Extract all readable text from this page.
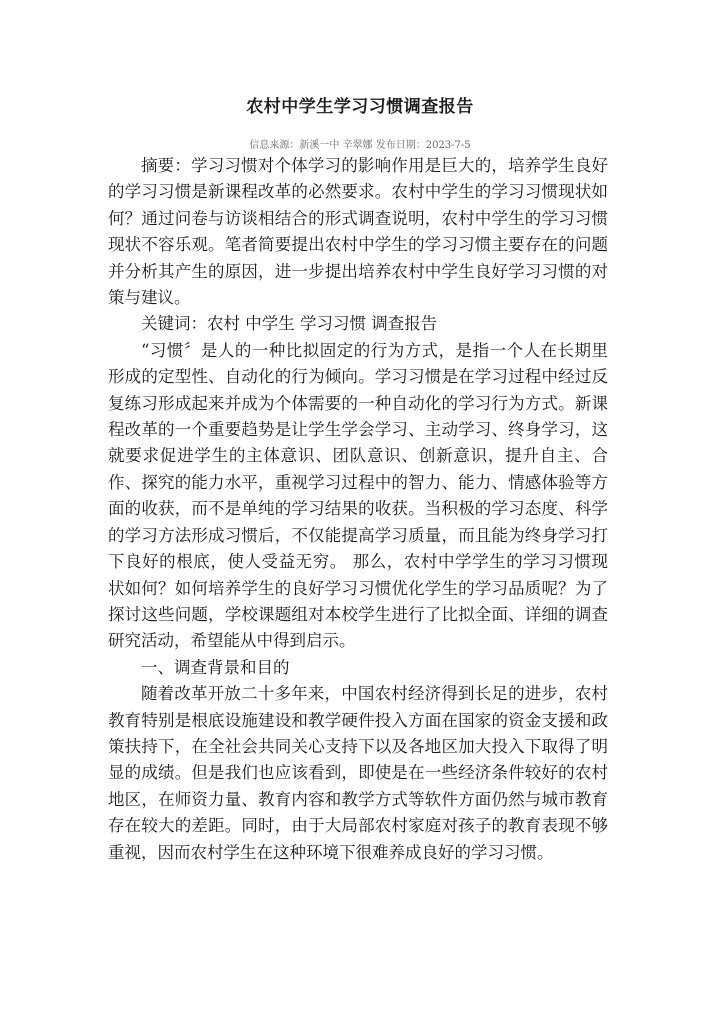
农村中学生学习习惯调查报告
信息来源：新溪一中 辛翠娜 发布日期：2023-7-5

摘要：学习习惯对个体学习的影响作用是巨大的，培养学生良好的学习习惯是新课程改革的必然要求。农村中学生的学习习惯现状如何？通过问卷与访谈相结合的形式调查说明，农村中学生的学习习惯现状不容乐观。笔者简要提出农村中学生的学习习惯主要存在的问题并分析其产生的原因，进一步提出培养农村中学生良好学习习惯的对策与建议。

关键词：农村 中学生 学习习惯 调查报告

“习惯〞是人的一种比拟固定的行为方式，是指一个人在长期里形成的定型性、自动化的行为倾向。学习习惯是在学习过程中经过反复练习形成起来并成为个体需要的一种自动化的学习行为方式。新课程改革的一个重要趋势是让学生学会学习、主动学习、终身学习，这就要求促进学生的主体意识、团队意识、创新意识，提升自主、合作、探究的能力水平，重视学习过程中的智力、能力、情感体验等方面的收获，而不是单纯的学习结果的收获。当积极的学习态度、科学的学习方法形成习惯后，不仅能提高学习质量，而且能为终身学习打下良好的根底，使人受益无穷。 那么，农村中学学生的学习习惯现状如何？如何培养学生的良好学习习惯优化学生的学习品质呢？为了探讨这些问题，学校课题组对本校学生进行了比拟全面、详细的调查研究活动，希望能从中得到启示。

一、调查背景和目的

随着改革开放二十多年来，中国农村经济得到长足的进步，农村教育特别是根底设施建设和教学硬件投入方面在国家的资金支援和政策扶持下，在全社会共同关心支持下以及各地区加大投入下取得了明显的成绩。但是我们也应该看到，即使是在一些经济条件较好的农村地区，在师资力量、教育内容和教学方式等软件方面仍然与城市教育存在较大的差距。同时，由于大局部农村家庭对孩子的教育表现不够重视，因而农村学生在这种环境下很难养成良好的学习习惯。
